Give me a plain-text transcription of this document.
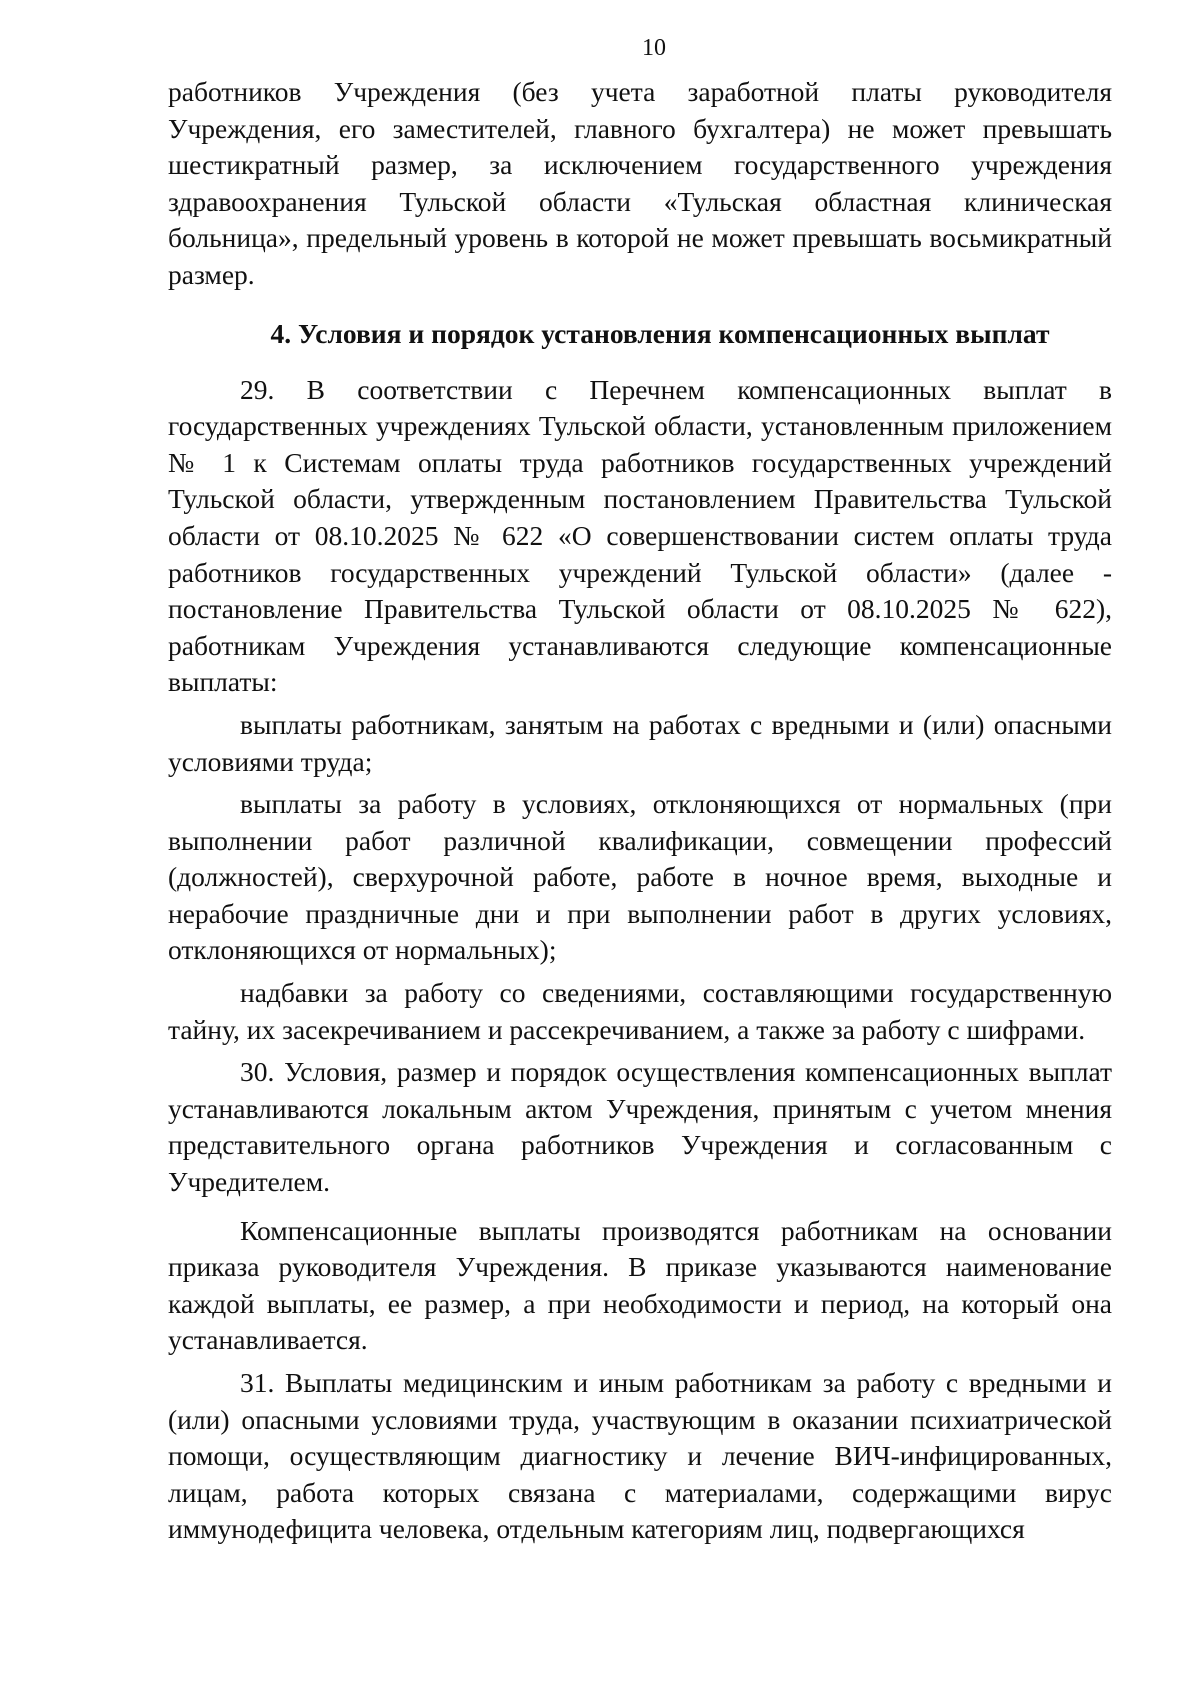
10

работников Учреждения (без учета заработной платы руководителя Учреждения, его заместителей, главного бухгалтера) не может превышать шестикратный размер, за исключением государственного учреждения здравоохранения Тульской области «Тульская областная клиническая больница», предельный уровень в которой не может превышать восьмикратный размер.

4. Условия и порядок установления компенсационных выплат

29. В соответствии с Перечнем компенсационных выплат в государственных учреждениях Тульской области, установленным приложением № 1 к Системам оплаты труда работников государственных учреждений Тульской области, утвержденным постановлением Правительства Тульской области от 08.10.2025 № 622 «О совершенствовании систем оплаты труда работников государственных учреждений Тульской области» (далее - постановление Правительства Тульской области от 08.10.2025 № 622), работникам Учреждения устанавливаются следующие компенсационные выплаты:

выплаты работникам, занятым на работах с вредными и (или) опасными условиями труда;

выплаты за работу в условиях, отклоняющихся от нормальных (при выполнении работ различной квалификации, совмещении профессий (должностей), сверхурочной работе, работе в ночное время, выходные и нерабочие праздничные дни и при выполнении работ в других условиях, отклоняющихся от нормальных);

надбавки за работу со сведениями, составляющими государственную тайну, их засекречиванием и рассекречиванием, а также за работу с шифрами.

30. Условия, размер и порядок осуществления компенсационных выплат устанавливаются локальным актом Учреждения, принятым с учетом мнения представительного органа работников Учреждения и согласованным с Учредителем.

Компенсационные выплаты производятся работникам на основании приказа руководителя Учреждения. В приказе указываются наименование каждой выплаты, ее размер, а при необходимости и период, на который она устанавливается.

31. Выплаты медицинским и иным работникам за работу с вредными и (или) опасными условиями труда, участвующим в оказании психиатрической помощи, осуществляющим диагностику и лечение ВИЧ-инфицированных, лицам, работа которых связана с материалами, содержащими вирус иммунодефицита человека, отдельным категориям лиц, подвергающихся
